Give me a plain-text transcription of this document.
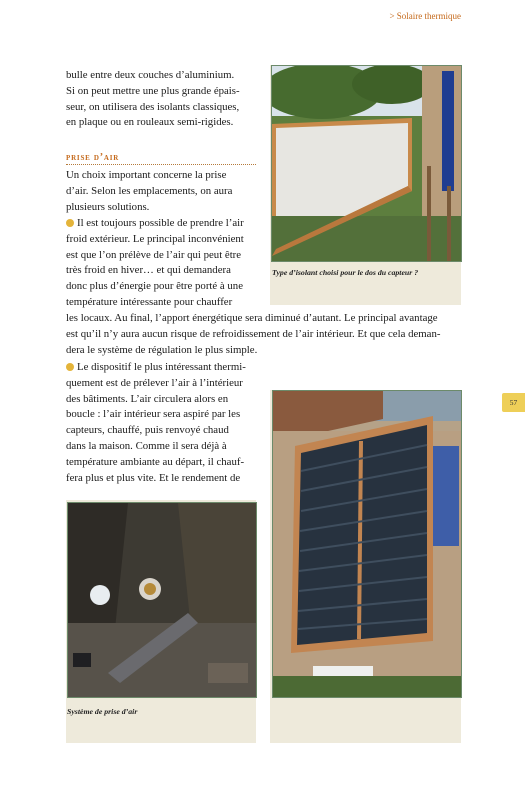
> Solaire thermique
57

bulle entre deux couches d’aluminium.

Si on peut mettre une plus grande épais-

seur, on utilisera des isolants classiques,

en plaque ou en rouleaux semi-rigides.

prise d’air

Un choix important concerne la prise

d’air. Selon les emplacements, on aura

plusieurs solutions.

Il est toujours possible de prendre l’air

froid extérieur. Le principal inconvénient

est que l’on prélève de l’air qui peut être

très froid en hiver… et qui demandera

donc plus d’énergie pour être porté à une

température intéressante pour chauffer

les locaux. Au final, l’apport énergétique sera diminué d’autant. Le principal avantage

est qu’il n’y aura aucun risque de refroidissement de l’air intérieur. Et que cela deman-

dera le système de régulation le plus simple.

Le dispositif le plus intéressant thermi-

quement est de prélever l’air à l’intérieur

des bâtiments. L’air circulera alors en

boucle : l’air intérieur sera aspiré par les

capteurs, chauffé, puis renvoyé chaud

dans la maison. Comme il sera déjà à

température ambiante au départ, il chauf-

fera plus et plus vite. Et le rendement de

Type d’isolant choisi pour le dos du capteur ?
Système de prise d’air
